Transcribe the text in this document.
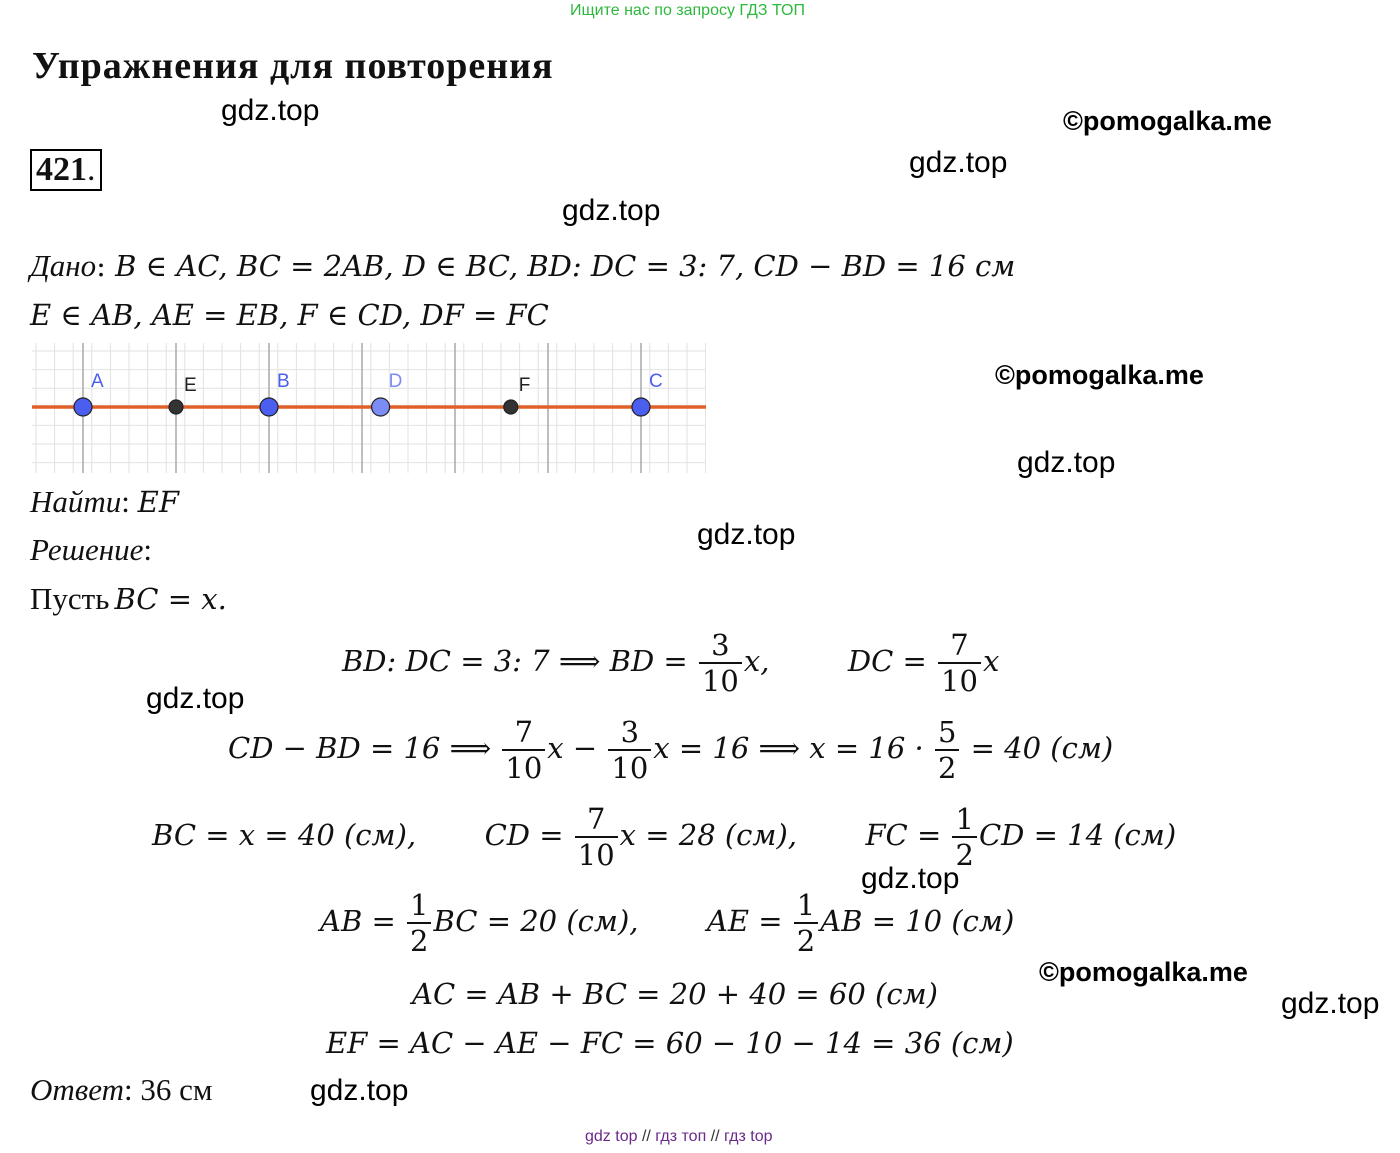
Ищите нас по запросу ГДЗ ТОП
Упражнения для повторения
421.
gdz.top	©pomogalka.me
gdz.top
gdz.top
©pomogalka.me
gdz.top
gdz.top
gdz.top
gdz.top
©pomogalka.me
gdz.top
gdz.top
Дано: B ∈ AC, BC = 2AB, D ∈ BC, BD: DC = 3: 7, CD − BD = 16 см
E ∈ AB, AE = EB, F ∈ CD, DF = FC
A	E	B	D	F	C
Найти: EF
Решение:
Пусть BC = x.
BD: DC = 3: 7 ⟹ BD = $\frac{3}{10} x$,	DC = $\frac{7}{10}$ x
CD − BD = 16 ⟹ $\frac{7}{10}$ $x - \frac{3}{10}$ x = 16 ⟹ $x = 16 \cdot \frac{5}{2} = 40$ (см)
BC = x = 40 (см), CD = $\frac{7}{10}$ x = 28 (см), FC = $\frac{1}{2}$ CD = 14 (см)
AB = $\frac{1}{2}$ BC = 20 (см), AE = $\frac{1}{2}$ AB = 10 (см)
AC = AB + BC = 20 + 40 = 60 (см)
EF = AC − AE − FC = 60 − 10 − 14 = 36 (см)
Ответ: 36 см
gdz top // гдз топ // гдз top
